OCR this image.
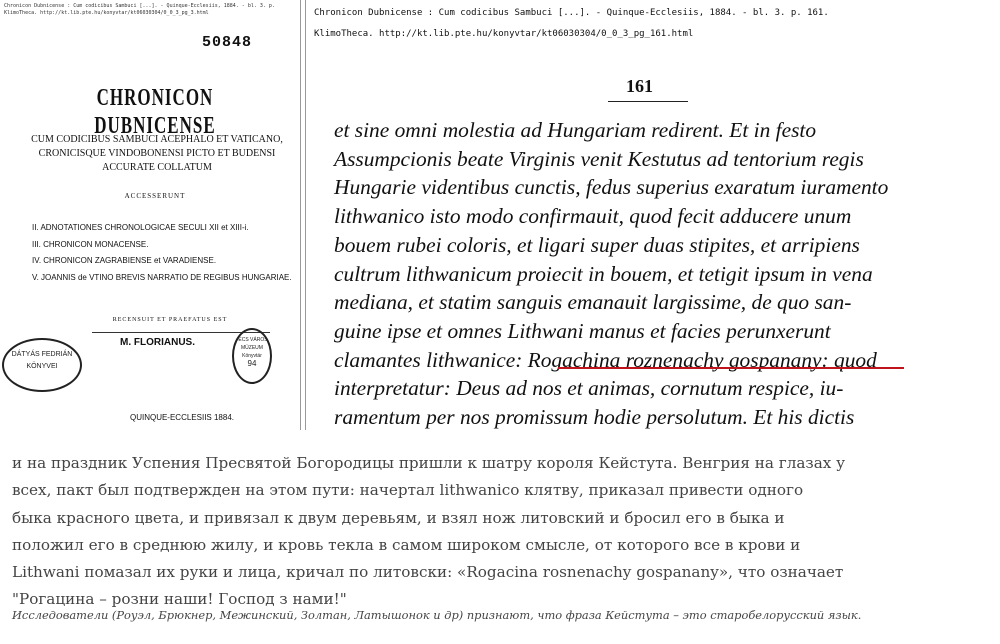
Chronicon Dubnicense : Cum codicibus Sambuci [...]. - Quinque-Ecclesiis, 1884. - bl. 3. p.
KlimoTheca. http://kt.lib.pte.hu/konyvtar/kt06030304/0_0_3_pg_3.html
50848
CHRONICON DUBNICENSE
CUM CODICIBUS SAMBUCI ACEPHALO ET VATICANO,
CRONICISQUE VINDOBONENSI PICTO ET BUDENSI
ACCURATE COLLATUM
ACCESSERUNT
II. ADNOTATIONES CHRONOLOGICAE SECULI XII et XIII-i.
III. CHRONICON MONACENSE.
IV. CHRONICON ZAGRABIENSE et VARADIENSE.
V. JOANNIS de VTINO BREVIS NARRATIO DE REGIBUS HUNGARIAE.
RECENSUIT ET PRAEFATUS EST
M. FLORIANUS.
DÁTYÁS FEDRIÁN
KÖNYVEI
PÉCS VÁROSI
MÚZEUM
Könyvtár
94
QUINQUE-ECCLESIIS 1884.
Chronicon Dubnicense : Cum codicibus Sambuci [...]. - Quinque-Ecclesiis, 1884. - bl. 3. p. 161.
KlimoTheca. http://kt.lib.pte.hu/konyvtar/kt06030304/0_0_3_pg_161.html
161
et sine omni molestia ad Hungariam redirent. Et in festo
Assumpcionis beate Virginis venit Kestutus ad tentorium regis
Hungarie videntibus cunctis, fedus superius exaratum iuramento
lithwanico isto modo confirmauit, quod fecit adducere unum
bouem rubei coloris, et ligari super duas stipites, et arripiens
cultrum lithwanicum proiecit in bouem, et tetigit ipsum in vena
mediana, et statim sanguis emanauit largissime, de quo san-
guine ipse et omnes Lithwani manus et facies perunxerunt
clamantes lithwanice: Rogachina roznenachy gospanany: quod
interpretatur: Deus ad nos et animas, cornutum respice, iu-
ramentum per nos promissum hodie persolutum. Et his dictis
и на праздник Успения Пресвятой Богородицы пришли к шатру короля Кейстута. Венгрия на глазах у
всех, пакт был подтвержден на этом пути: начертал lithwanico клятву, приказал привести одного
быка красного цвета, и привязал к двум деревьям, и взял нож литовский и бросил его в быка и
положил его в среднюю жилу, и кровь текла в самом широком смысле, от которого все в крови и
Lithwani помазал их руки и лица, кричал по литовски: «Rogacina rosnenachy gospanany», что означает
"Рогацина – розни наши! Господ з нами!"
Исследователи (Роуэл, Брюкнер, Межинский, Золтан, Латышонок и др) признают, что фраза Кейстута – это старобелорусский язык.
